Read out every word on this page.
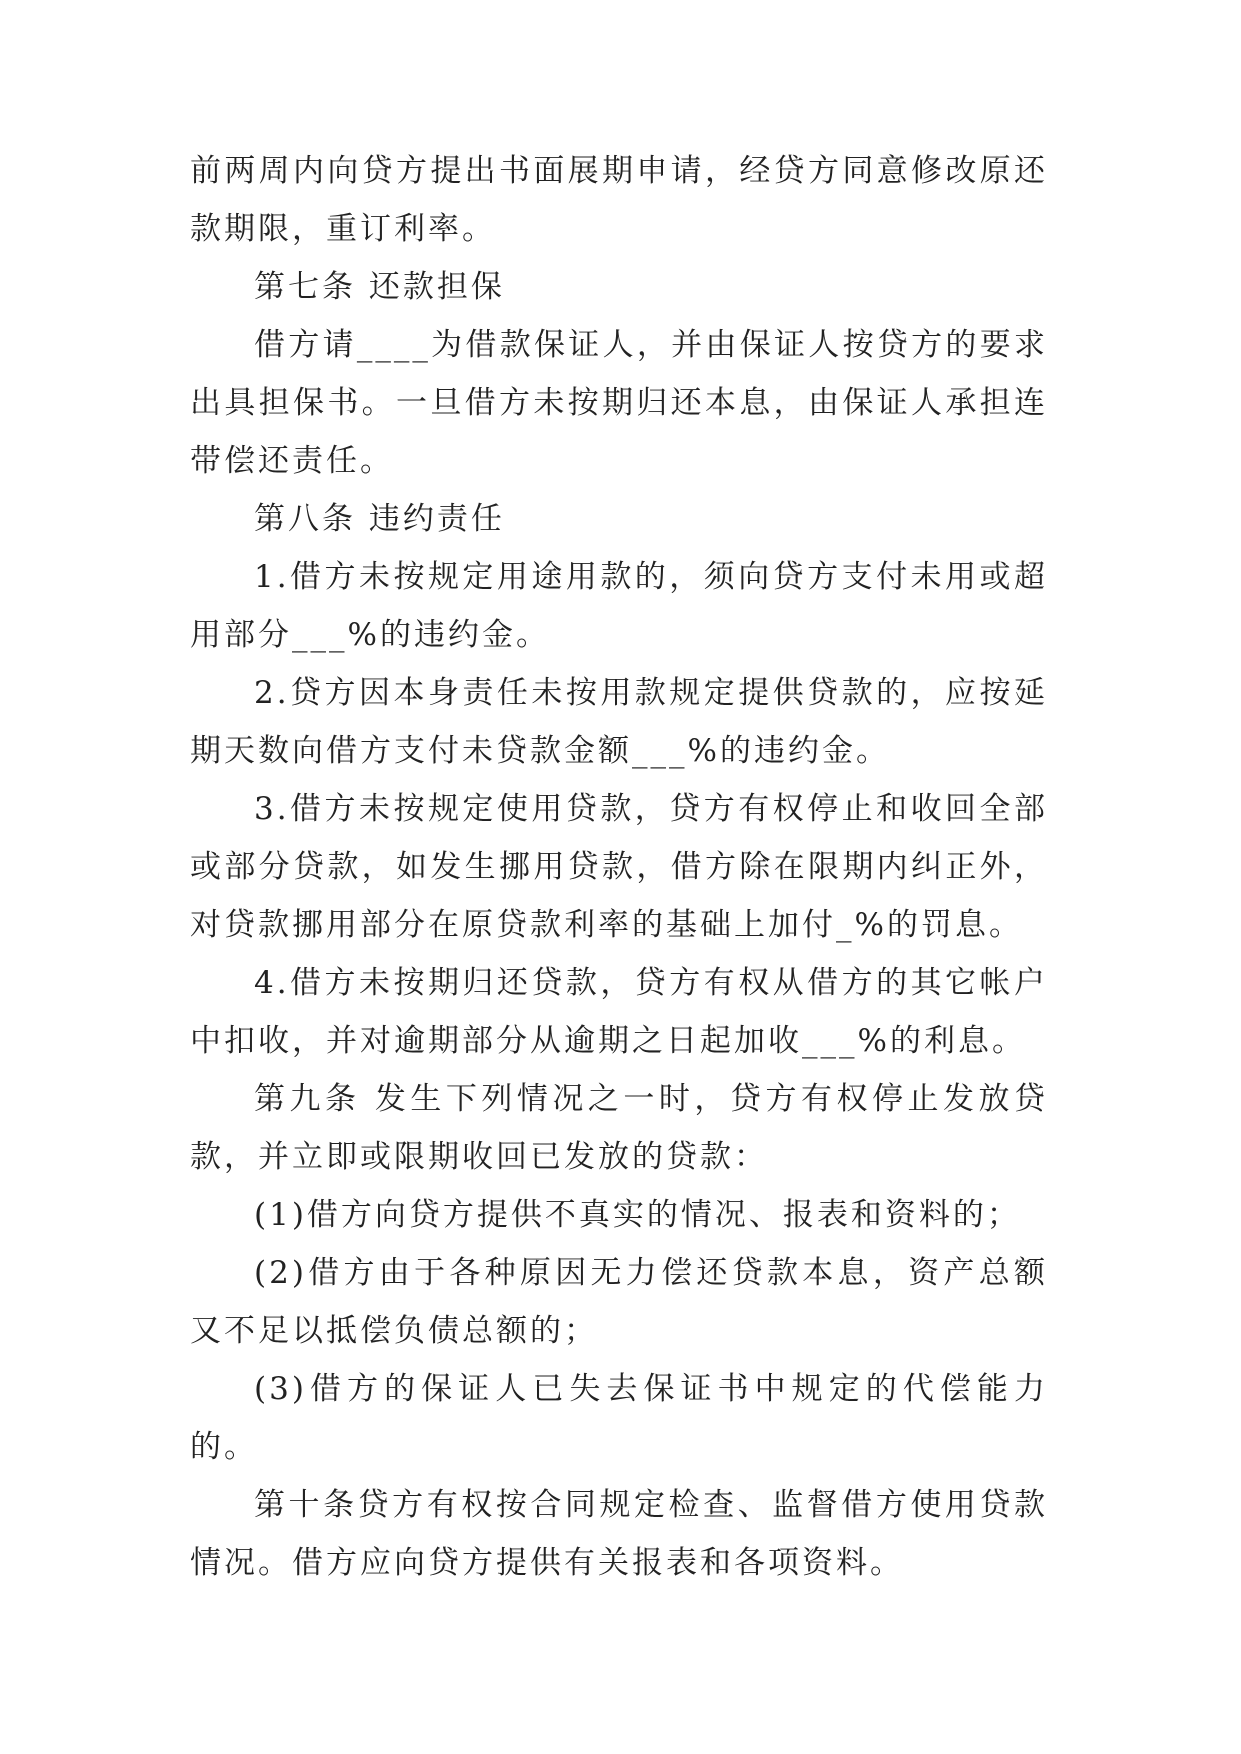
前两周内向贷方提出书面展期申请，经贷方同意修改原还款期限，重订利率。

第七条 还款担保

借方请____为借款保证人，并由保证人按贷方的要求出具担保书。一旦借方未按期归还本息，由保证人承担连带偿还责任。

第八条 违约责任

1.借方未按规定用途用款的，须向贷方支付未用或超用部分___%的违约金。

2.贷方因本身责任未按用款规定提供贷款的，应按延期天数向借方支付未贷款金额___%的违约金。

3.借方未按规定使用贷款，贷方有权停止和收回全部或部分贷款，如发生挪用贷款，借方除在限期内纠正外，对贷款挪用部分在原贷款利率的基础上加付_%的罚息。

4.借方未按期归还贷款，贷方有权从借方的其它帐户中扣收，并对逾期部分从逾期之日起加收___%的利息。

第九条 发生下列情况之一时，贷方有权停止发放贷款，并立即或限期收回已发放的贷款：

(1)借方向贷方提供不真实的情况、报表和资料的；

(2)借方由于各种原因无力偿还贷款本息，资产总额又不足以抵偿负债总额的；

(3)借方的保证人已失去保证书中规定的代偿能力的。

第十条贷方有权按合同规定检查、监督借方使用贷款情况。借方应向贷方提供有关报表和各项资料。
